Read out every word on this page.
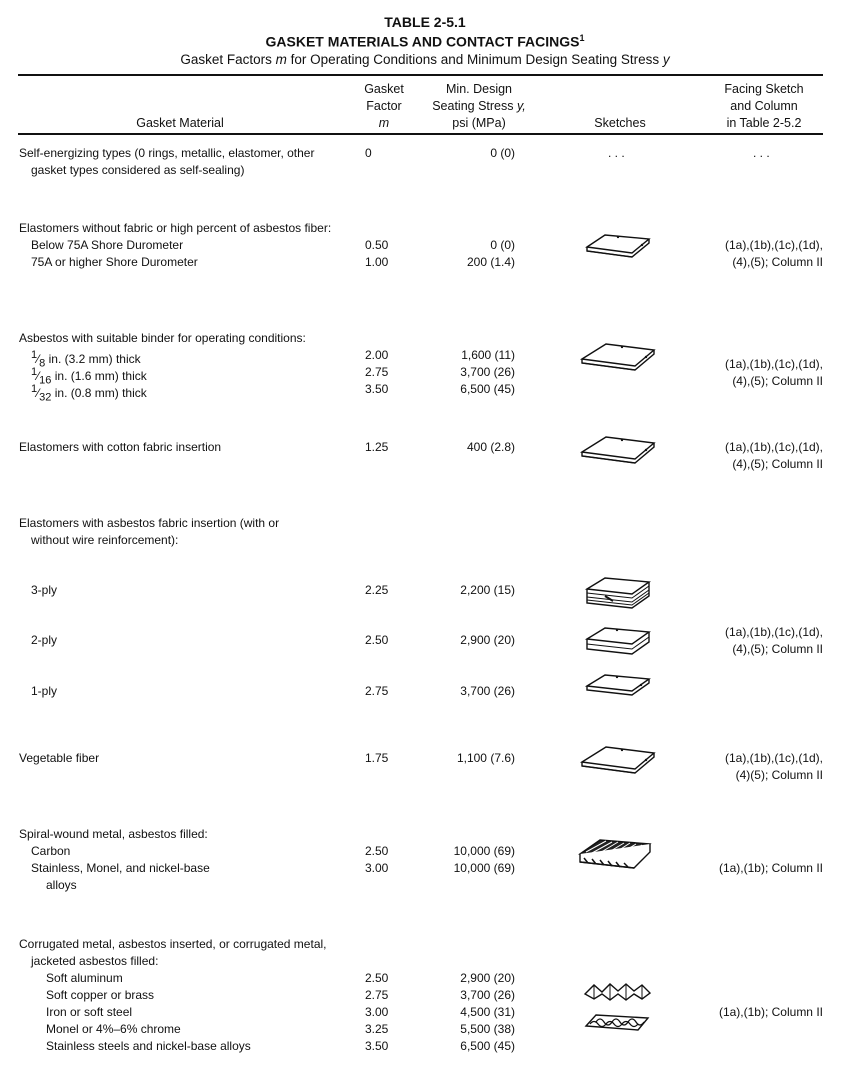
TABLE 2-5.1
GASKET MATERIALS AND CONTACT FACINGS$^1$
Gasket Factors m for Operating Conditions and Minimum Design Seating Stress y
Gasket Material
Gasket
Factor
m
Min. Design
Seating Stress y,
psi (MPa)	Sketches
Facing Sketch
and Column
in Table 2-5.2
Self-energizing types (0 rings, metallic, elastomer, other
gasket types considered as self-sealing)
0	0 (0)	. . .	. . .
Elastomers without fabric or high percent of asbestos fiber:
Below 75A Shore Durometer	0.50	0 (0)
75A or higher Shore Durometer	1.00	200 (1.4)
(1a),(1b),(1c),(1d),
(4),(5); Column II
Asbestos with suitable binder for operating conditions:
$^1⁄_8$ in. (3.2 mm) thick	2.00	1,600 (11)
$^1⁄_{16}$ in. (1.6 mm) thick	2.75	3,700 (26)
$^1⁄_{32}$ in. (0.8 mm) thick	3.50	6,500 (45)
(1a),(1b),(1c),(1d),
(4),(5); Column II
Elastomers with cotton fabric insertion	1.25	400 (2.8)	(1a),(1b),(1c),(1d),
(4),(5); Column II
Elastomers with asbestos fabric insertion (with or
without wire reinforcement):
3-ply	2.25	2,200 (15)
2-ply	2.50	2,900 (20)
1-ply	2.75	3,700 (26)
(1a),(1b),(1c),(1d),
(4),(5); Column II
Vegetable fiber	1.75	1,100 (7.6)	(1a),(1b),(1c),(1d),
(4)(5); Column II
Spiral-wound metal, asbestos filled:
Carbon	2.50	10,000 (69)
Stainless, Monel, and nickel-base	3.00	10,000 (69)
alloys
(1a),(1b); Column II
Corrugated metal, asbestos inserted, or corrugated metal,
jacketed asbestos filled:
Soft aluminum	2.50	2,900 (20)
Soft copper or brass	2.75	3,700 (26)
Iron or soft steel	3.00	4,500 (31)
Monel or 4%–6% chrome	3.25	5,500 (38)
Stainless steels and nickel-base alloys	3.50	6,500 (45)
(1a),(1b); Column II
